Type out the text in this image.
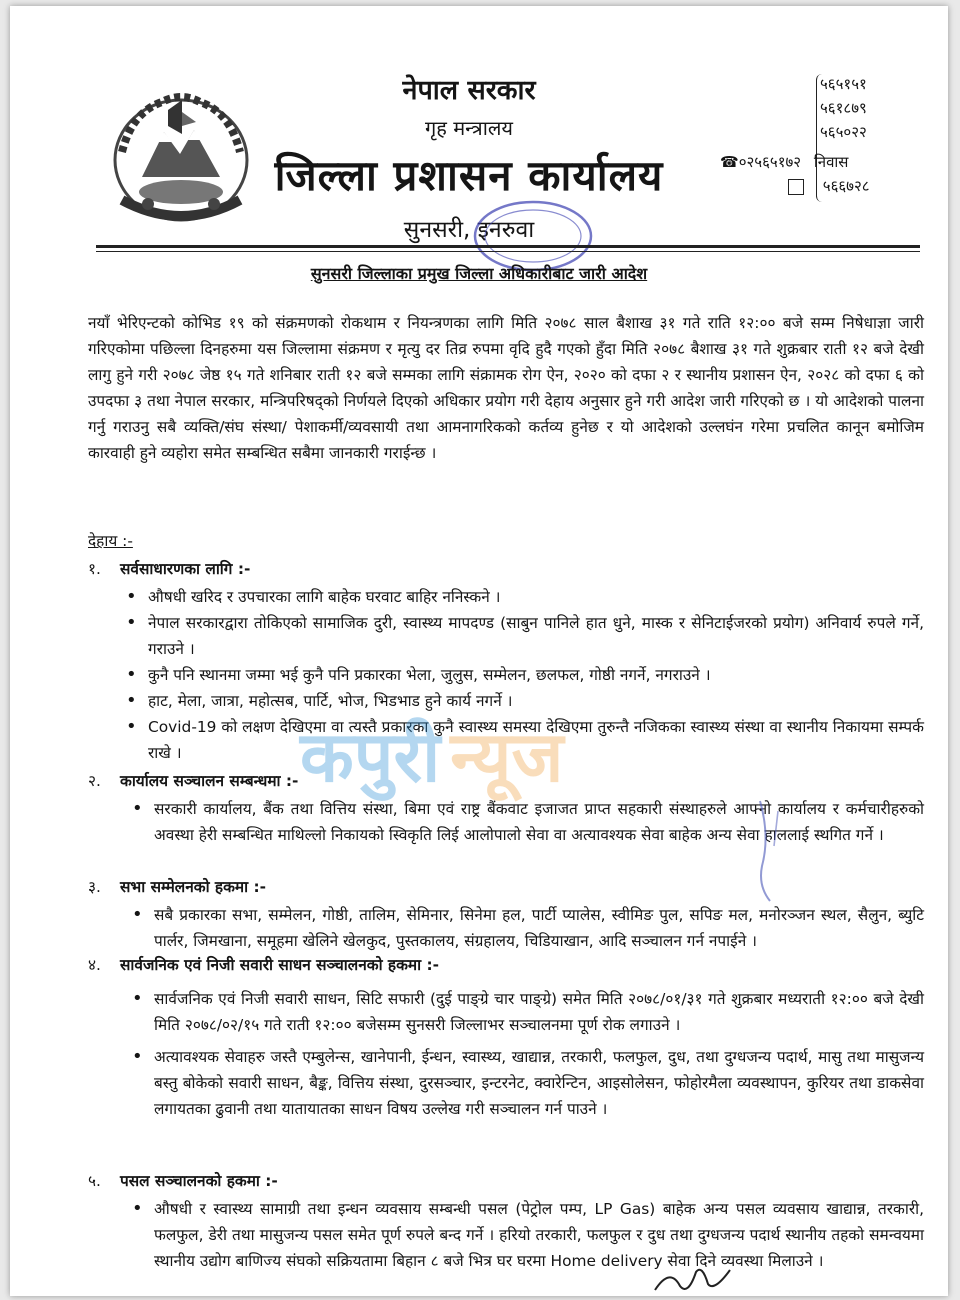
नेपाल सरकार
गृह मन्त्रालय
जिल्ला प्रशासन कार्यालय
सुनसरी, इनरुवा
५६५१५१
५६१८७९
५६५०२२
☎०२५६५१७२ निवास
५६६७२८
सुनसरी जिल्लाका प्रमुख जिल्ला अधिकारीबाट जारी आदेश
नयाँ भेरिएन्टको कोभिड १९ को संक्रमणको रोकथाम र नियन्त्रणका लागि मिति २०७८ साल बैशाख ३१ गते राति १२:०० बजे सम्म निषेधाज्ञा जारी गरिएकोमा पछिल्ला दिनहरुमा यस जिल्लामा संक्रमण र मृत्यु दर तिव्र रुपमा वृदि हुदै गएको हुँदा मिति २०७८ बैशाख ३१ गते शुक्रबार राती १२ बजे देखी लागु हुने गरी २०७८ जेष्ठ १५ गते शनिबार राती १२ बजे सम्मका लागि संक्रामक रोग ऐन, २०२० को दफा २ र स्थानीय प्रशासन ऐन, २०२८ को दफा ६ को उपदफा ३ तथा नेपाल सरकार, मन्त्रिपरिषद्को निर्णयले दिएको अधिकार प्रयोग गरी देहाय अनुसार हुने गरी आदेश जारी गरिएको छ । यो आदेशको पालना गर्नु गराउनु सबै व्यक्ति/संघ संस्था/ पेशाकर्मी/व्यवसायी तथा आमनागरिकको कर्तव्य हुनेछ र यो आदेशको उल्लघंन गरेमा प्रचलित कानून बमोजिम कारवाही हुने व्यहोरा समेत सम्बन्धित सबैमा जानकारी गराईन्छ ।
देहाय :-
१. सर्वसाधारणका लागि :-
• औषधी खरिद र उपचारका लागि बाहेक घरवाट बाहिर ननिस्कने ।
• नेपाल सरकारद्वारा तोकिएको सामाजिक दुरी, स्वास्थ्य मापदण्ड (साबुन पानिले हात धुने, मास्क र सेनिटाईजरको प्रयोग) अनिवार्य रुपले गर्ने, गराउने ।
• कुनै पनि स्थानमा जम्मा भई कुनै पनि प्रकारका भेला, जुलुस, सम्मेलन, छलफल, गोष्ठी नगर्ने, नगराउने ।
• हाट, मेला, जात्रा, महोत्सब, पार्टि, भोज, भिडभाड हुने कार्य नगर्ने ।
• Covid-19 को लक्षण देखिएमा वा त्यस्तै प्रकारका कुनै स्वास्थ्य समस्या देखिएमा तुरुन्तै नजिकका स्वास्थ्य संस्था वा स्थानीय निकायमा सम्पर्क राखे ।
२. कार्यालय सञ्चालन सम्बन्धमा :-
• सरकारी कार्यालय, बैंक तथा वित्तिय संस्था, बिमा एवं राष्ट्र बैंकवाट इजाजत प्राप्त सहकारी संस्थाहरुले आफ्नो कार्यालय र कर्मचारीहरुको अवस्था हेरी सम्बन्धित माथिल्लो निकायको स्विकृति लिई आलोपालो सेवा वा अत्यावश्यक सेवा बाहेक अन्य सेवा हाललाई स्थगित गर्ने ।
३. सभा सम्मेलनको हकमा :-
• सबै प्रकारका सभा, सम्मेलन, गोष्ठी, तालिम, सेमिनार, सिनेमा हल, पार्टी प्यालेस, स्वीमिङ पुल, सपिङ मल, मनोरञ्जन स्थल, सैलुन, ब्युटि पार्लर, जिमखाना, समूहमा खेलिने खेलकुद, पुस्तकालय, संग्रहालय, चिडियाखान, आदि सञ्चालन गर्न नपाईने ।
४. सार्वजनिक एवं निजी सवारी साधन सञ्चालनको हकमा :-
• सार्वजनिक एवं निजी सवारी साधन, सिटि सफारी (दुई पाङ्ग्रे चार पाङ्ग्रे) समेत मिति २०७८/०१/३१ गते शुक्रबार मध्यराती १२:०० बजे देखी मिति २०७८/०२/१५ गते राती १२:०० बजेसम्म सुनसरी जिल्लाभर सञ्चालनमा पूर्ण रोक लगाउने ।
• अत्यावश्यक सेवाहरु जस्तै एम्बुलेन्स, खानेपानी, ईन्धन, स्वास्थ्य, खाद्यान्न, तरकारी, फलफुल, दुध, तथा दुग्धजन्य पदार्थ, मासु तथा मासुजन्य बस्तु बोकेको सवारी साधन, बैङ्क, वित्तिय संस्था, दुरसञ्चार, इन्टरनेट, क्वारेन्टिन, आइसोलेसन, फोहोरमैला व्यवस्थापन, कुरियर तथा डाकसेवा लगायतका ढुवानी तथा यातायातका साधन विषय उल्लेख गरी सञ्चालन गर्न पाउने ।
५. पसल सञ्चालनको हकमा :-
• औषधी र स्वास्थ्य सामाग्री तथा इन्धन व्यवसाय सम्बन्धी पसल (पेट्रोल पम्प, LP Gas) बाहेक अन्य पसल व्यवसाय खाद्यान्न, तरकारी, फलफुल, डेरी तथा मासुजन्य पसल समेत पूर्ण रुपले बन्द गर्ने । हरियो तरकारी, फलफुल र दुध तथा दुग्धजन्य पदार्थ स्थानीय तहको समन्वयमा स्थानीय उद्योग बाणिज्य संघको सक्रियतामा बिहान ८ बजे भित्र घर घरमा Home delivery सेवा दिने व्यवस्था मिलाउने ।
कपुरी न्यूज
